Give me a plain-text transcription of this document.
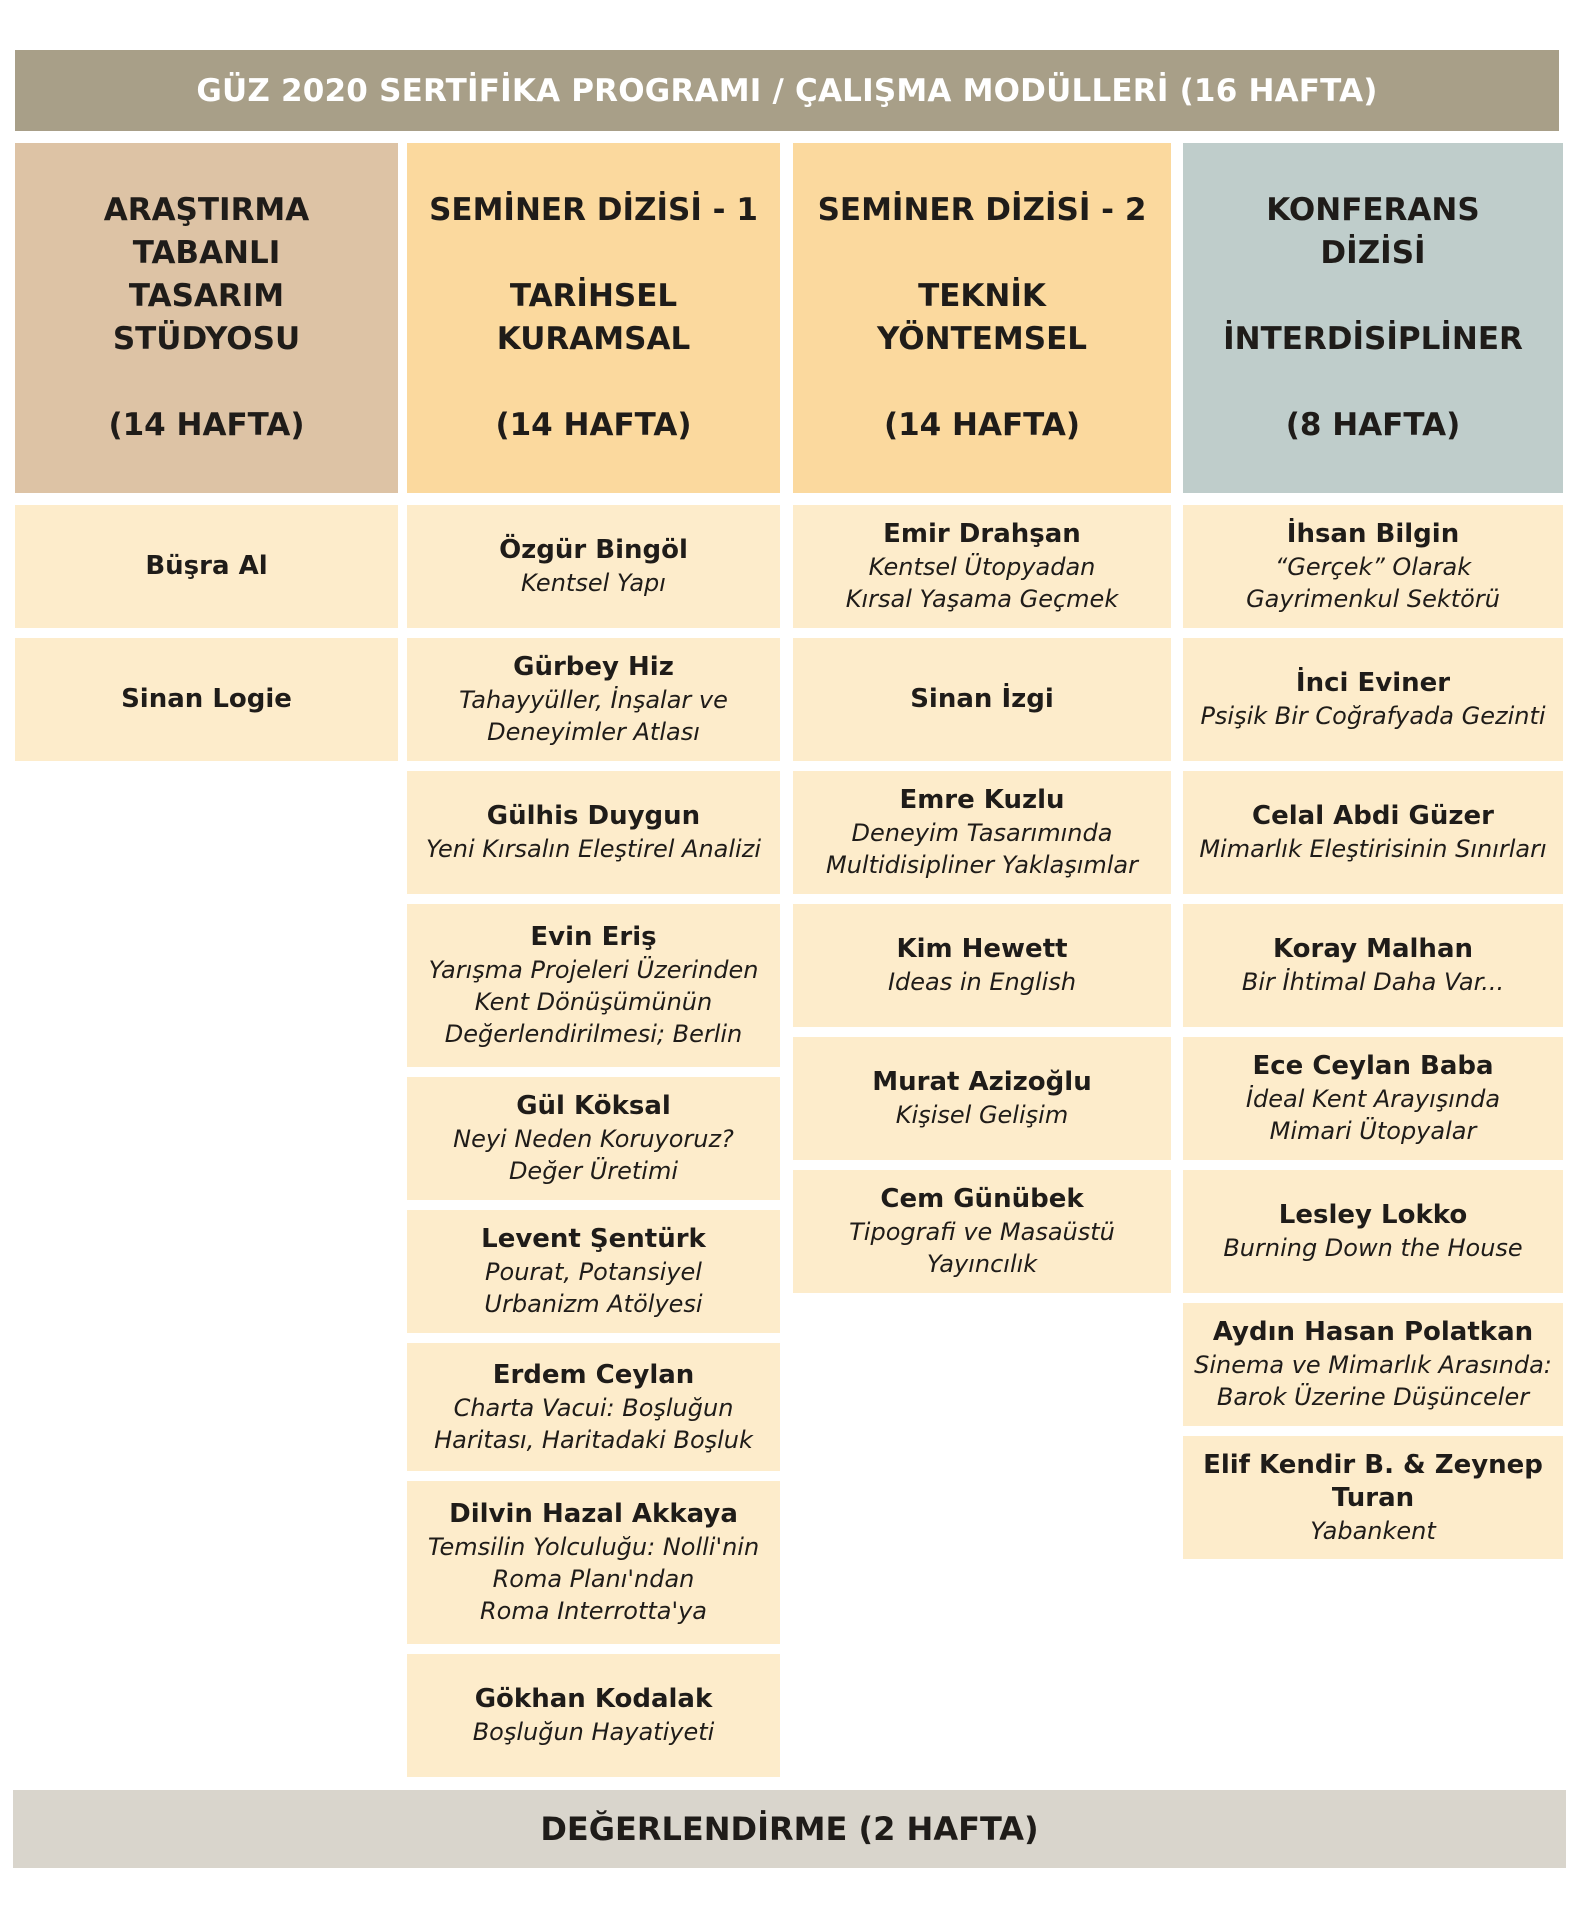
GÜZ 2020 SERTİFİKA PROGRAMI / ÇALIŞMA MODÜLLERİ (16 HAFTA)
ARAŞTIRMA
TABANLI
TASARIM
STÜDYOSU
(14 HAFTA)
Büşra Al
Sinan Logie
SEMİNER DİZİSİ - 1
TARİHSEL
KURAMSAL
(14 HAFTA)
Özgür Bingöl
Kentsel Yapı
Gürbey Hiz
Tahayyüller, İnşalar ve
Deneyimler Atlası
Gülhis Duygun
Yeni Kırsalın Eleştirel Analizi
Evin Eriş
Yarışma Projeleri Üzerinden
Kent Dönüşümünün
Değerlendirilmesi; Berlin
Gül Köksal
Neyi Neden Koruyoruz?
Değer Üretimi
Levent Şentürk
Pourat, Potansiyel
Urbanizm Atölyesi
Erdem Ceylan
Charta Vacui: Boşluğun
Haritası, Haritadaki Boşluk
Dilvin Hazal Akkaya
Temsilin Yolculuğu: Nolli'nin
Roma Planı'ndan
Roma Interrotta'ya
Gökhan Kodalak
Boşluğun Hayatiyeti
SEMİNER DİZİSİ - 2
TEKNİK
YÖNTEMSEL
(14 HAFTA)
Emir Drahşan
Kentsel Ütopyadan
Kırsal Yaşama Geçmek
Sinan İzgi
Emre Kuzlu
Deneyim Tasarımında
Multidisipliner Yaklaşımlar
Kim Hewett
Ideas in English
Murat Azizoğlu
Kişisel Gelişim
Cem Günübek
Tipografi ve Masaüstü Yayıncılık
KONFERANS
DİZİSİ
İNTERDİSİPLİNER
(8 HAFTA)
İhsan Bilgin
“Gerçek” Olarak
Gayrimenkul Sektörü
İnci Eviner
Psişik Bir Coğrafyada Gezinti
Celal Abdi Güzer
Mimarlık Eleştirisinin Sınırları
Koray Malhan
Bir İhtimal Daha Var...
Ece Ceylan Baba
İdeal Kent Arayışında
Mimari Ütopyalar
Lesley Lokko
Burning Down the House
Aydın Hasan Polatkan
Sinema ve Mimarlık Arasında:
Barok Üzerine Düşünceler
Elif Kendir B. & Zeynep Turan
Yabankent
DEĞERLENDİRME (2 HAFTA)
